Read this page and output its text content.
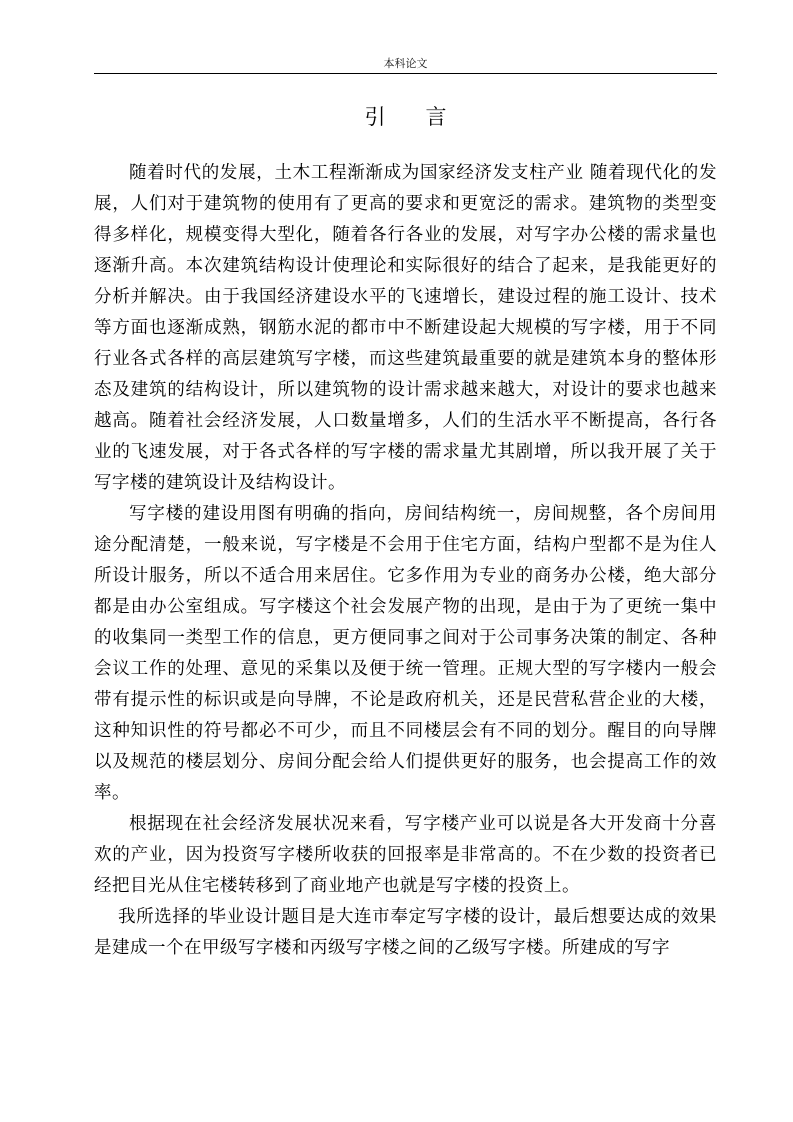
本科论文
引言

随着时代的发展，土木工程渐渐成为国家经济发支柱产业 随着现代化的发展，人们对于建筑物的使用有了更高的要求和更宽泛的需求。建筑物的类型变得多样化，规模变得大型化，随着各行各业的发展，对写字办公楼的需求量也逐渐升高。本次建筑结构设计使理论和实际很好的结合了起来，是我能更好的分析并解决。由于我国经济建设水平的飞速增长，建设过程的施工设计、技术等方面也逐渐成熟，钢筋水泥的都市中不断建设起大规模的写字楼，用于不同行业各式各样的高层建筑写字楼，而这些建筑最重要的就是建筑本身的整体形态及建筑的结构设计，所以建筑物的设计需求越来越大，对设计的要求也越来越高。随着社会经济发展，人口数量增多，人们的生活水平不断提高，各行各业的飞速发展，对于各式各样的写字楼的需求量尤其剧增，所以我开展了关于写字楼的建筑设计及结构设计。

写字楼的建设用图有明确的指向，房间结构统一，房间规整，各个房间用途分配清楚，一般来说，写字楼是不会用于住宅方面，结构户型都不是为住人所设计服务，所以不适合用来居住。它多作用为专业的商务办公楼，绝大部分都是由办公室组成。写字楼这个社会发展产物的出现，是由于为了更统一集中的收集同一类型工作的信息，更方便同事之间对于公司事务决策的制定、各种会议工作的处理、意见的采集以及便于统一管理。正规大型的写字楼内一般会带有提示性的标识或是向导牌，不论是政府机关，还是民营私营企业的大楼，这种知识性的符号都必不可少，而且不同楼层会有不同的划分。醒目的向导牌以及规范的楼层划分、房间分配会给人们提供更好的服务，也会提高工作的效率。

根据现在社会经济发展状况来看，写字楼产业可以说是各大开发商十分喜欢的产业，因为投资写字楼所收获的回报率是非常高的。不在少数的投资者已经把目光从住宅楼转移到了商业地产也就是写字楼的投资上。

我所选择的毕业设计题目是大连市奉定写字楼的设计，最后想要达成的效果是建成一个在甲级写字楼和丙级写字楼之间的乙级写字楼。所建成的写字
